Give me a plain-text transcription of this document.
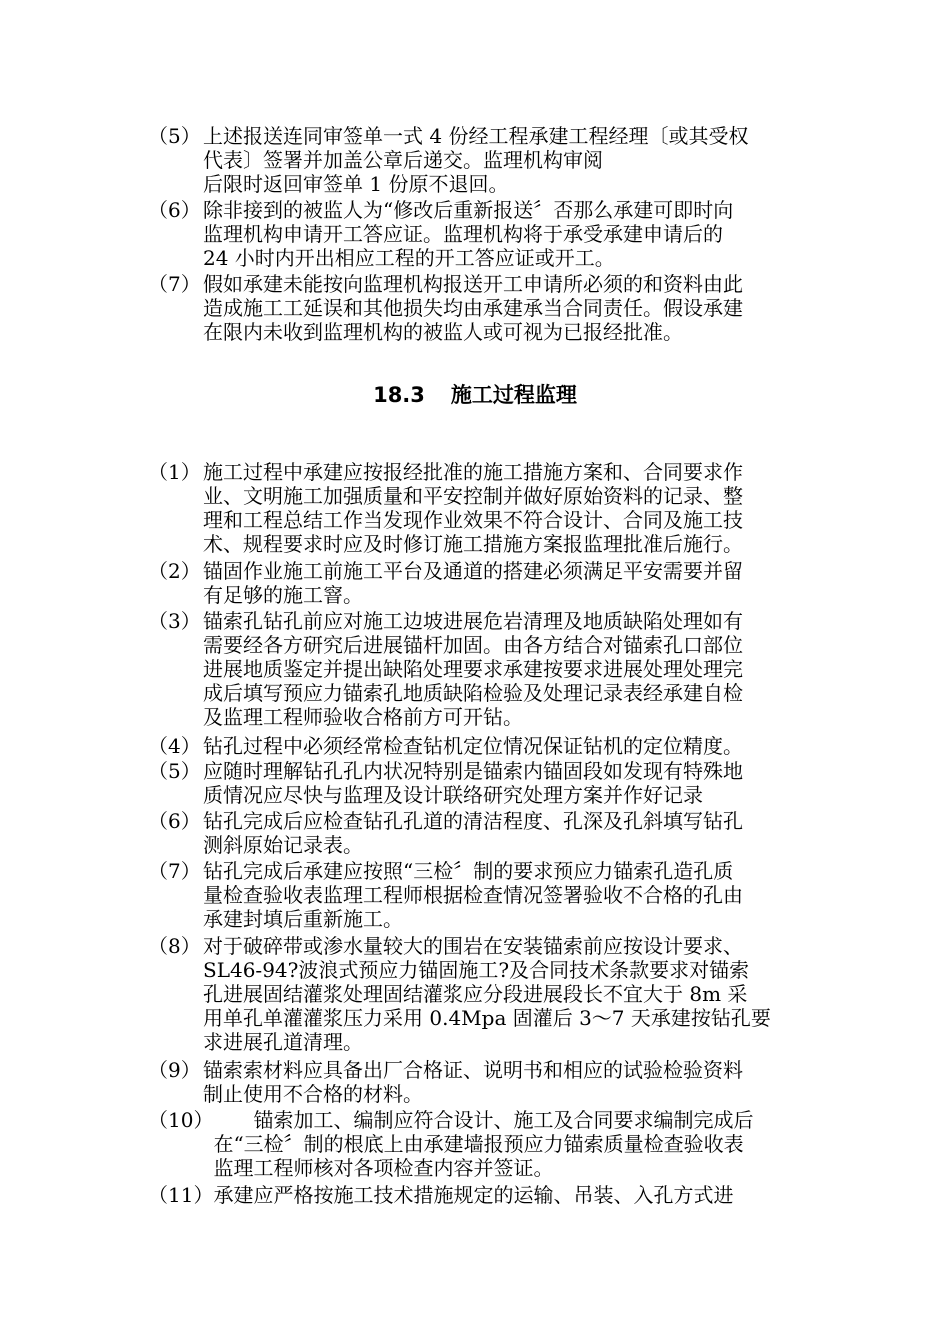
（5） 上述报送连同审签单一式 4 份经工程承建工程经理〔或其受权
代表〕签署并加盖公章后递交。监理机构审阅
后限时返回审签单 1 份原不退回。
（6） 除非接到的被监人为“修改后重新报送〞否那么承建可即时向
监理机构申请开工答应证。监理机构将于承受承建申请后的
24 小时内开出相应工程的开工答应证或开工。
（7） 假如承建未能按向监理机构报送开工申请所必须的和资料由此
造成施工工延误和其他损失均由承建承当合同责任。假设承建
在限内未收到监理机构的被监人或可视为已报经批准。
18.3 施工过程监理
（1） 施工过程中承建应按报经批准的施工措施方案和、合同要求作
业、文明施工加强质量和平安控制并做好原始资料的记录、整
理和工程总结工作当发现作业效果不符合设计、合同及施工技
术、规程要求时应及时修订施工措施方案报监理批准后施行。
（2） 锚固作业施工前施工平台及通道的搭建必须满足平安需要并留
有足够的施工窨。
（3） 锚索孔钻孔前应对施工边坡进展危岩清理及地质缺陷处理如有
需要经各方研究后进展锚杆加固。由各方结合对锚索孔口部位
进展地质鉴定并提出缺陷处理要求承建按要求进展处理处理完
成后填写预应力锚索孔地质缺陷检验及处理记录表经承建自检
及监理工程师验收合格前方可开钻。
（4） 钻孔过程中必须经常检查钻机定位情况保证钻机的定位精度。
（5） 应随时理解钻孔孔内状况特别是锚索内锚固段如发现有特殊地
质情况应尽快与监理及设计联络研究处理方案并作好记录
（6） 钻孔完成后应检查钻孔孔道的清洁程度、孔深及孔斜填写钻孔
测斜原始记录表。
（7） 钻孔完成后承建应按照“三检〞制的要求预应力锚索孔造孔质
量检查验收表监理工程师根据检查情况签署验收不合格的孔由
承建封填后重新施工。
（8） 对于破碎带或渗水量较大的围岩在安装锚索前应按设计要求、
SL46-94?波浪式预应力锚固施工?及合同技术条款要求对锚索
孔进展固结灌浆处理固结灌浆应分段进展段长不宜大于 8m 采
用单孔单灌灌浆压力采用 0.4Mpa 固灌后 3～7 天承建按钻孔要
求进展孔道清理。
（9） 锚索索材料应具备出厂合格证、说明书和相应的试验检验资料
制止使用不合格的材料。
（10）	锚索加工、编制应符合设计、施工及合同要求编制完成后
在“三检〞制的根底上由承建墙报预应力锚索质量检查验收表
监理工程师核对各项检查内容并签证。
（11） 承建应严格按施工技术措施规定的运输、吊装、入孔方式进
